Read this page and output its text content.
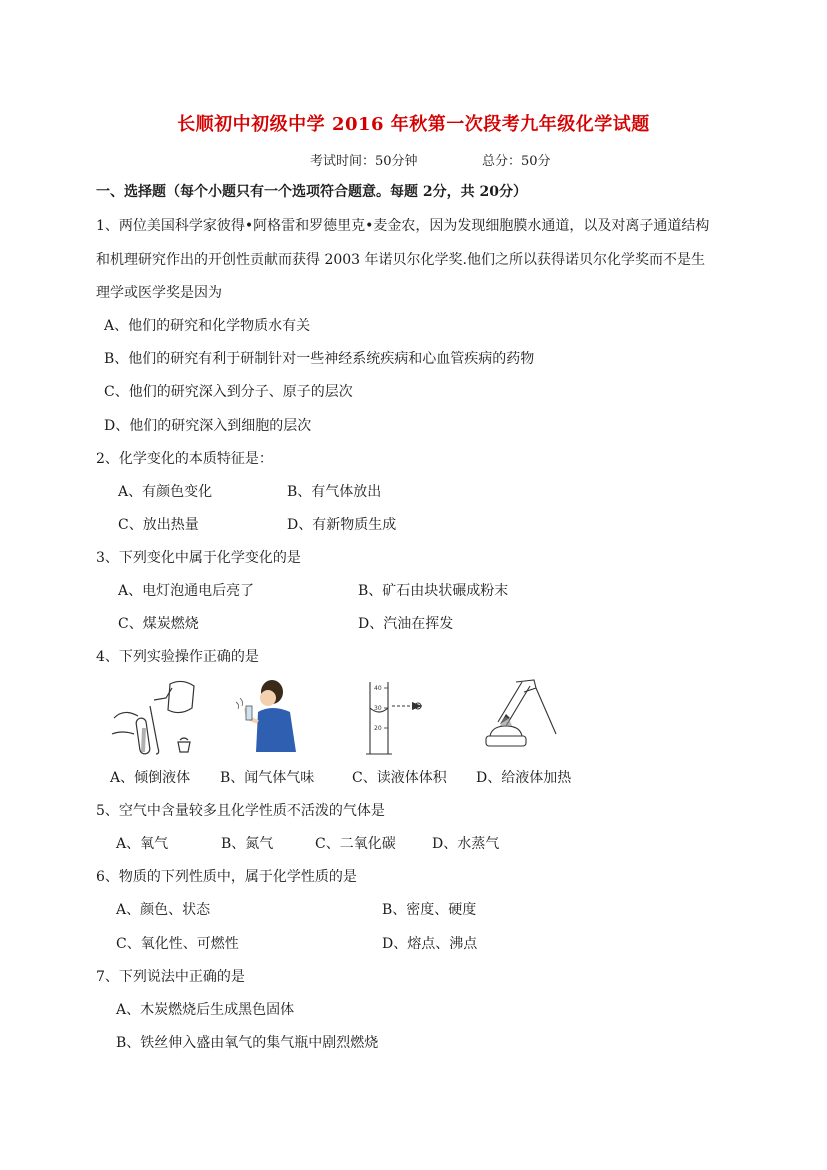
长顺初中初级中学 2016 年秋第一次段考九年级化学试题
考试时间：50分钟	总分：50分
一、选择题（每个小题只有一个选项符合题意。每题 2分，共 20分）
1、两位美国科学家彼得•阿格雷和罗德里克•麦金农，因为发现细胞膜水通道，以及对离子通道结构
和机理研究作出的开创性贡献而获得 2003 年诺贝尔化学奖.他们之所以获得诺贝尔化学奖而不是生
理学或医学奖是因为
A、他们的研究和化学物质水有关
B、他们的研究有利于研制针对一些神经系统疾病和心血管疾病的药物
C、他们的研究深入到分子、原子的层次
D、他们的研究深入到细胞的层次
2、化学变化的本质特征是：
A、有颜色变化	B、有气体放出
C、放出热量	D、有新物质生成
3、下列变化中属于化学变化的是
A、电灯泡通电后亮了	B、矿石由块状碾成粉末
C、煤炭燃烧	D、汽油在挥发
4、下列实验操作正确的是
40
30
20
A、倾倒液体 B、闻气体气味	C、读液体体积 D、给液体加热
5、空气中含量较多且化学性质不活泼的气体是
A、氧气	B、氮气	C、二氧化碳	D、水蒸气
6、物质的下列性质中，属于化学性质的是
A、颜色、状态	B、密度、硬度
C、氧化性、可燃性	D、熔点、沸点
7、下列说法中正确的是
A、木炭燃烧后生成黑色固体
B、铁丝伸入盛由氧气的集气瓶中剧烈燃烧
